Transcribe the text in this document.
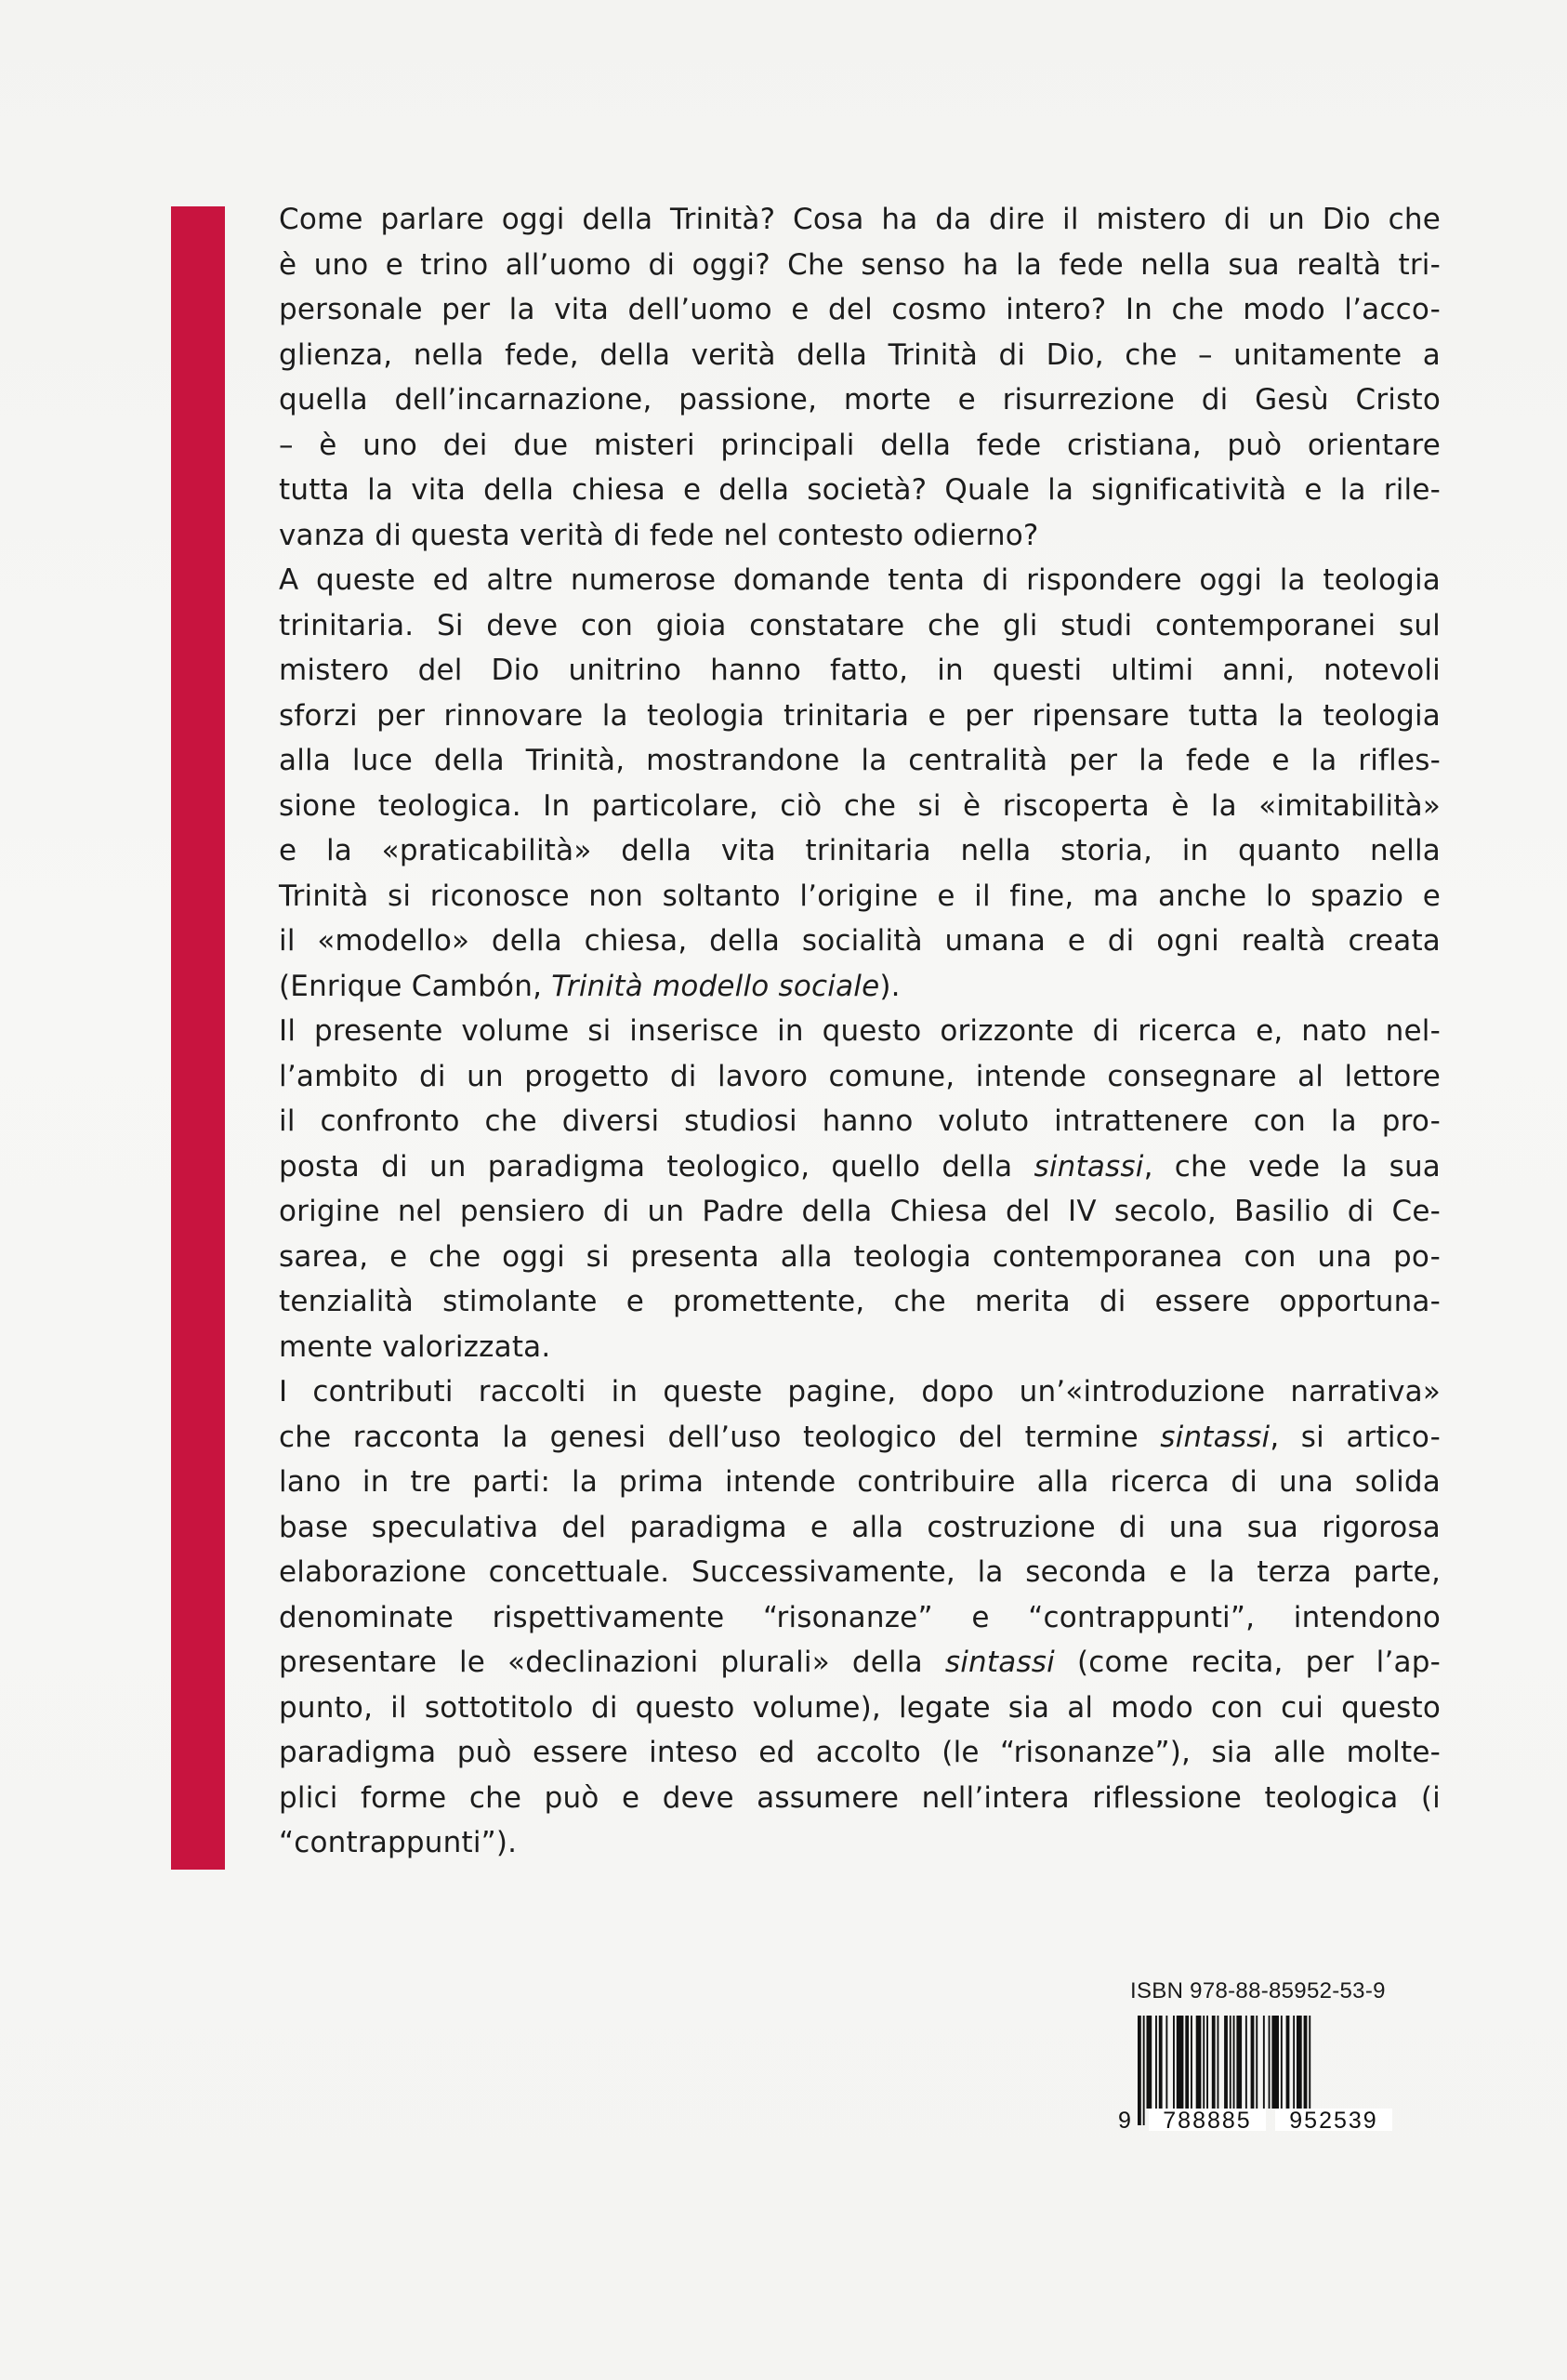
Come parlare oggi della Trinità? Cosa ha da dire il mistero di un Dio che
è uno e trino all’uomo di oggi? Che senso ha la fede nella sua realtà tri-
personale per la vita dell’uomo e del cosmo intero? In che modo l’acco-
glienza, nella fede, della verità della Trinità di Dio, che – unitamente a
quella dell’incarnazione, passione, morte e risurrezione di Gesù Cristo
– è uno dei due misteri principali della fede cristiana, può orientare
tutta la vita della chiesa e della società? Quale la significatività e la rile-
vanza di questa verità di fede nel contesto odierno?

A queste ed altre numerose domande tenta di rispondere oggi la teologia
trinitaria. Si deve con gioia constatare che gli studi contemporanei sul
mistero del Dio unitrino hanno fatto, in questi ultimi anni, notevoli
sforzi per rinnovare la teologia trinitaria e per ripensare tutta la teologia
alla luce della Trinità, mostrandone la centralità per la fede e la rifles-
sione teologica. In particolare, ciò che si è riscoperta è la «imitabilità»
e la «praticabilità» della vita trinitaria nella storia, in quanto nella
Trinità si riconosce non soltanto l’origine e il fine, ma anche lo spazio e
il «modello» della chiesa, della socialità umana e di ogni realtà creata
(Enrique Cambón, Trinità modello sociale).

Il presente volume si inserisce in questo orizzonte di ricerca e, nato nel-
l’ambito di un progetto di lavoro comune, intende consegnare al lettore
il confronto che diversi studiosi hanno voluto intrattenere con la pro-
posta di un paradigma teologico, quello della sintassi, che vede la sua
origine nel pensiero di un Padre della Chiesa del IV secolo, Basilio di Ce-
sarea, e che oggi si presenta alla teologia contemporanea con una po-
tenzialità stimolante e promettente, che merita di essere opportuna-
mente valorizzata.

I contributi raccolti in queste pagine, dopo un’«introduzione narrativa»
che racconta la genesi dell’uso teologico del termine sintassi, si artico-
lano in tre parti: la prima intende contribuire alla ricerca di una solida
base speculativa del paradigma e alla costruzione di una sua rigorosa
elaborazione concettuale. Successivamente, la seconda e la terza parte,
denominate rispettivamente “risonanze” e “contrappunti”, intendono
presentare le «declinazioni plurali» della sintassi (come recita, per l’ap-
punto, il sottotitolo di questo volume), legate sia al modo con cui questo
paradigma può essere inteso ed accolto (le “risonanze”), sia alle molte-
plici forme che può e deve assumere nell’intera riflessione teologica (i
“contrappunti”).

ISBN 978-88-85952-53-9
9 788885 952539
